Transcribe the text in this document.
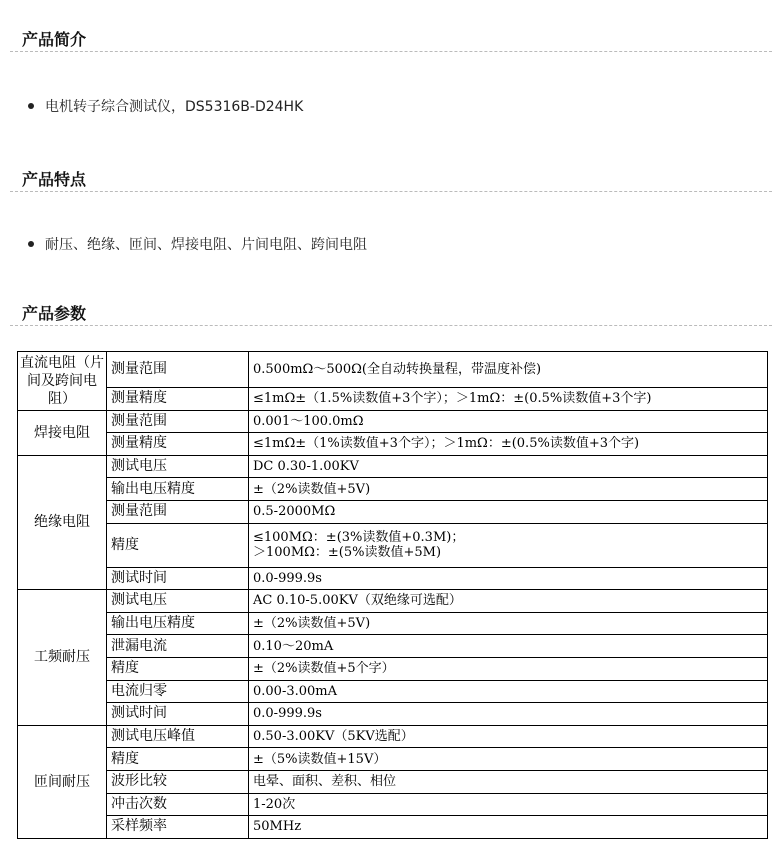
产品简介
电机转子综合测试仪，DS5316B-D24HK
产品特点
耐压、绝缘、匝间、焊接电阻、片间电阻、跨间电阻
产品参数
直流电阻（片间及跨间电阻）	测量范围	0.500mΩ～500Ω(全自动转换量程，带温度补偿)
	测量精度	≤1mΩ±（1.5%读数值+3个字）；＞1mΩ：±(0.5%读数值+3个字)
焊接电阻	测量范围	0.001～100.0mΩ
	测量精度	≤1mΩ±（1%读数值+3个字）；＞1mΩ：±(0.5%读数值+3个字)
绝缘电阻	测试电压	DC 0.30-1.00KV
	输出电压精度	±（2%读数值+5V)
	测量范围	0.5-2000MΩ
	精度	≤100MΩ：±(3%读数值+0.3M)；
＞100MΩ：±(5%读数值+5M)

	测试时间	0.0-999.9s
工频耐压	测试电压	AC 0.10-5.00KV（双绝缘可选配）
	输出电压精度	±（2%读数值+5V)
	泄漏电流	0.10～20mA
	精度	±（2%读数值+5个字）
	电流归零	0.00-3.00mA
	测试时间	0.0-999.9s
匝间耐压	测试电压峰值	0.50-3.00KV（5KV选配）
	精度	±（5%读数值+15V）
	波形比较	电晕、面积、差积、相位
	冲击次数	1-20次
	采样频率	50MHz
